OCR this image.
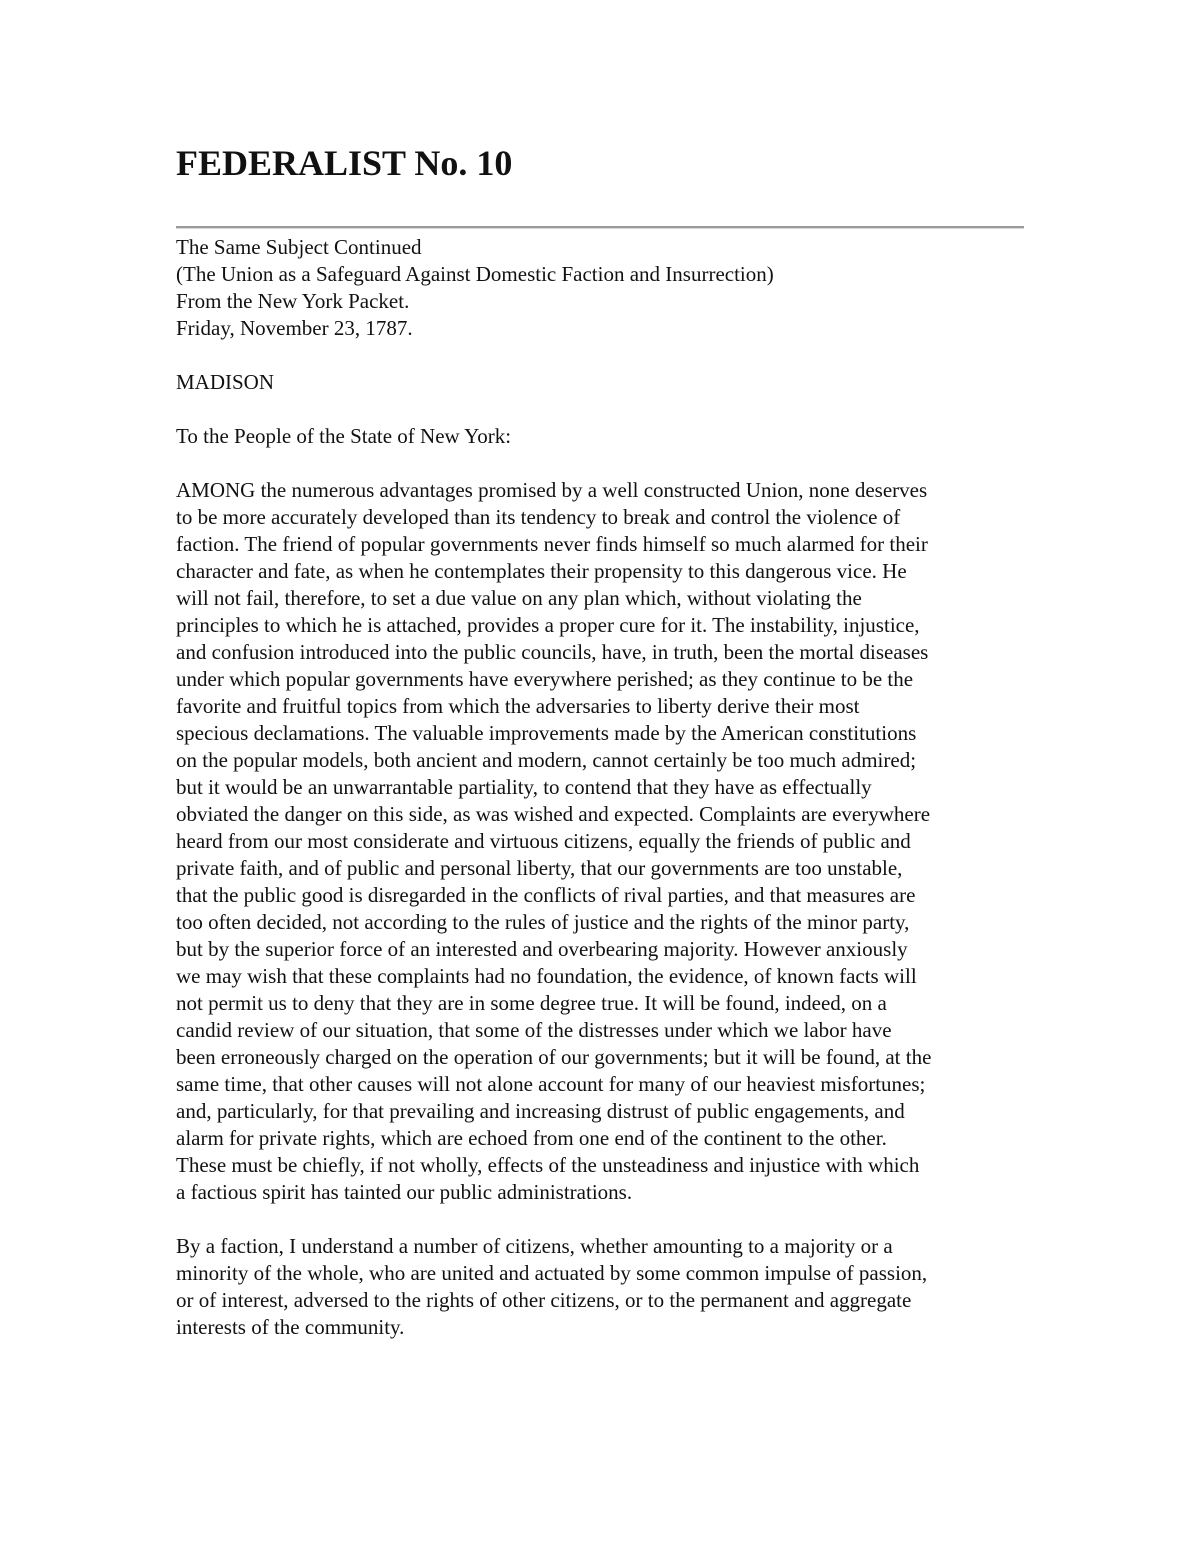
FEDERALIST No. 10
The Same Subject Continued
(The Union as a Safeguard Against Domestic Faction and Insurrection)
From the New York Packet.
Friday, November 23, 1787.
MADISON
To the People of the State of New York:
AMONG the numerous advantages promised by a well constructed Union, none deserves
to be more accurately developed than its tendency to break and control the violence of
faction. The friend of popular governments never finds himself so much alarmed for their
character and fate, as when he contemplates their propensity to this dangerous vice. He
will not fail, therefore, to set a due value on any plan which, without violating the
principles to which he is attached, provides a proper cure for it. The instability, injustice,
and confusion introduced into the public councils, have, in truth, been the mortal diseases
under which popular governments have everywhere perished; as they continue to be the
favorite and fruitful topics from which the adversaries to liberty derive their most
specious declamations. The valuable improvements made by the American constitutions
on the popular models, both ancient and modern, cannot certainly be too much admired;
but it would be an unwarrantable partiality, to contend that they have as effectually
obviated the danger on this side, as was wished and expected. Complaints are everywhere
heard from our most considerate and virtuous citizens, equally the friends of public and
private faith, and of public and personal liberty, that our governments are too unstable,
that the public good is disregarded in the conflicts of rival parties, and that measures are
too often decided, not according to the rules of justice and the rights of the minor party,
but by the superior force of an interested and overbearing majority. However anxiously
we may wish that these complaints had no foundation, the evidence, of known facts will
not permit us to deny that they are in some degree true. It will be found, indeed, on a
candid review of our situation, that some of the distresses under which we labor have
been erroneously charged on the operation of our governments; but it will be found, at the
same time, that other causes will not alone account for many of our heaviest misfortunes;
and, particularly, for that prevailing and increasing distrust of public engagements, and
alarm for private rights, which are echoed from one end of the continent to the other.
These must be chiefly, if not wholly, effects of the unsteadiness and injustice with which
a factious spirit has tainted our public administrations.
By a faction, I understand a number of citizens, whether amounting to a majority or a
minority of the whole, who are united and actuated by some common impulse of passion,
or of interest, adversed to the rights of other citizens, or to the permanent and aggregate
interests of the community.
